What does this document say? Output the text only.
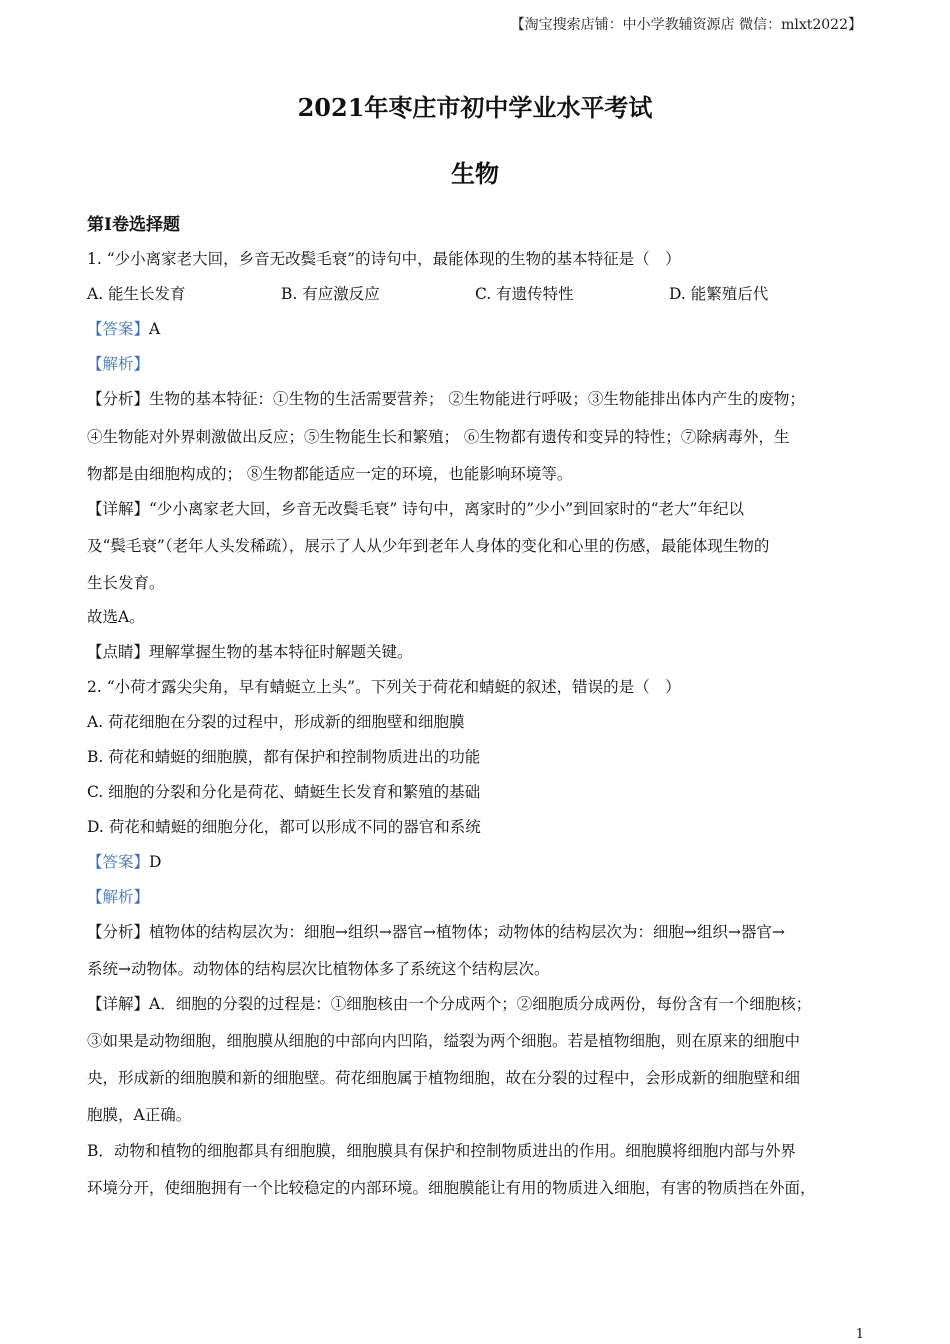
【淘宝搜索店铺：中小学教辅资源店 微信：mlxt2022】
2021年枣庄市初中学业水平考试
生物
第Ⅰ卷选择题
1. “少小离家老大回，乡音无改鬓毛衰”的诗句中，最能体现的生物的基本特征是（　）
A. 能生长发育	B. 有应激反应	C. 有遗传特性	D. 能繁殖后代
【答案】A
【解析】
【分析】生物的基本特征：①生物的生活需要营养； ②生物能进行呼吸；③生物能排出体内产生的废物；
④生物能对外界刺激做出反应；⑤生物能生长和繁殖； ⑥生物都有遗传和变异的特性；⑦除病毒外，生
物都是由细胞构成的； ⑧生物都能适应一定的环境，也能影响环境等。
【详解】“少小离家老大回，乡音无改鬓毛衰” 诗句中，离家时的”少小”到回家时的“老大”年纪以
及“鬓毛衰”（老年人头发稀疏），展示了人从少年到老年人身体的变化和心里的伤感，最能体现生物的
生长发育。
故选A。
【点睛】理解掌握生物的基本特征时解题关键。
2. “小荷才露尖尖角，早有蜻蜓立上头”。下列关于荷花和蜻蜓的叙述，错误的是（　）
A. 荷花细胞在分裂的过程中，形成新的细胞壁和细胞膜
B. 荷花和蜻蜓的细胞膜，都有保护和控制物质进出的功能
C. 细胞的分裂和分化是荷花、蜻蜓生长发育和繁殖的基础
D. 荷花和蜻蜓的细胞分化，都可以形成不同的器官和系统
【答案】D
【解析】
【分析】植物体的结构层次为：细胞→组织→器官→植物体；动物体的结构层次为：细胞→组织→器官→
系统→动物体。动物体的结构层次比植物体多了系统这个结构层次。
【详解】A．细胞的分裂的过程是：①细胞核由一个分成两个；②细胞质分成两份，每份含有一个细胞核；
③如果是动物细胞，细胞膜从细胞的中部向内凹陷，缢裂为两个细胞。若是植物细胞，则在原来的细胞中
央，形成新的细胞膜和新的细胞壁。荷花细胞属于植物细胞，故在分裂的过程中，会形成新的细胞壁和细
胞膜，A正确。
B．动物和植物的细胞都具有细胞膜，细胞膜具有保护和控制物质进出的作用。细胞膜将细胞内部与外界
环境分开，使细胞拥有一个比较稳定的内部环境。细胞膜能让有用的物质进入细胞，有害的物质挡在外面，
1
